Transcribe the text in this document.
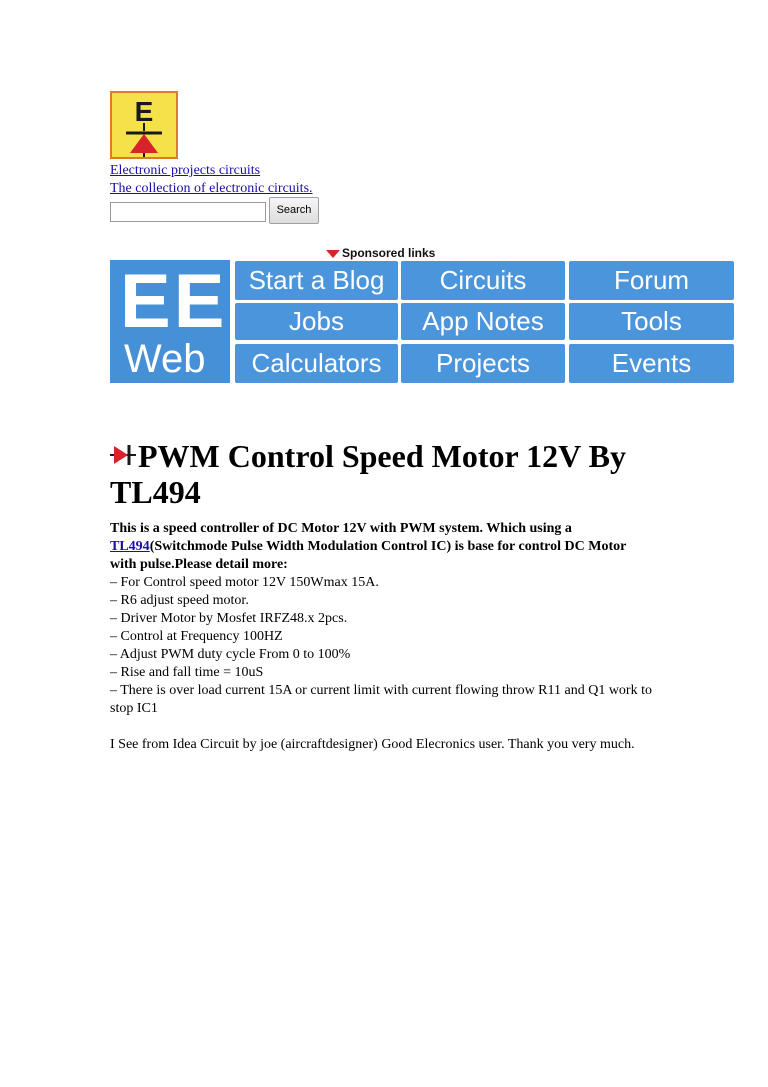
E
Electronic projects circuits
The collection of electronic circuits.
Search
Sponsored links
EE
Web
Start a Blog	Circuits	Forum
Jobs	App Notes	Tools
Calculators	Projects	Events
PWM Control Speed Motor 12V By TL494

This is a speed controller of DC Motor 12V with PWM system. Which using a TL494(Switchmode Pulse Width Modulation Control IC) is base for control DC Motor with pulse.Please detail more:

– For Control speed motor 12V 150Wmax 15A.
– R6 adjust speed motor.
– Driver Motor by Mosfet IRFZ48.x 2pcs.
– Control at Frequency 100HZ
– Adjust PWM duty cycle From 0 to 100%
– Rise and fall time = 10uS
– There is over load current 15A or current limit with current flowing throw R11 and Q1 work to stop IC1

I See from Idea Circuit by joe (aircraftdesigner) Good Elecronics user. Thank you very much.
